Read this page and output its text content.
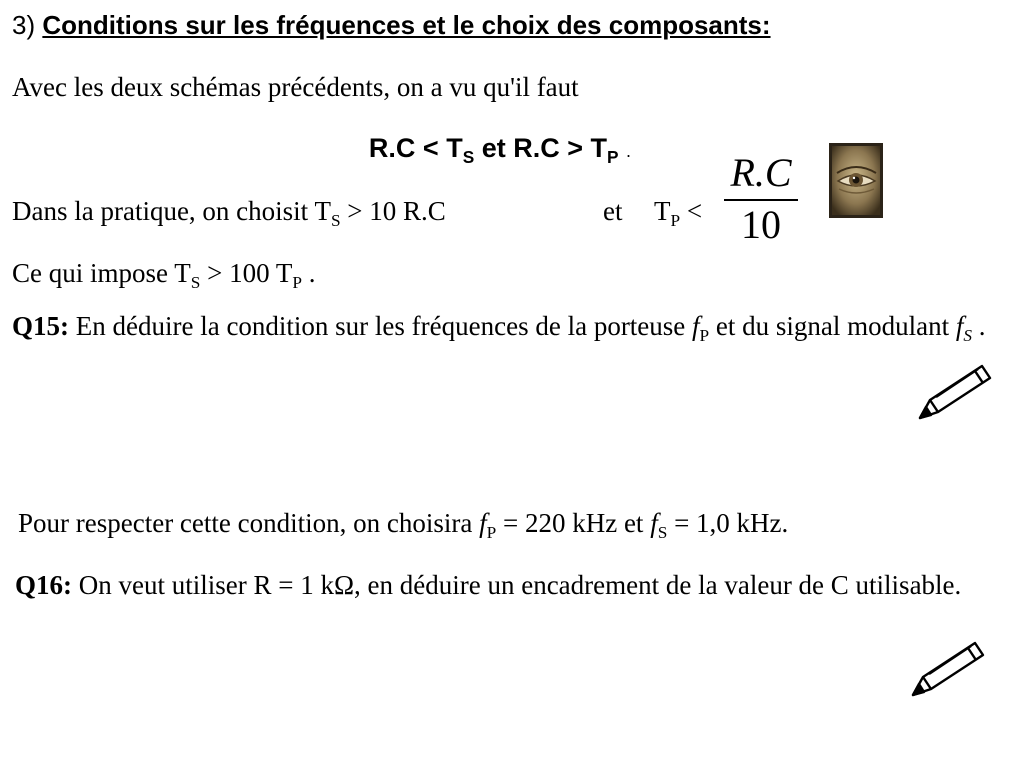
3) Conditions sur les fréquences et le choix des composants:
Avec les deux schémas précédents, on a vu qu'il faut
$R.C < T_S$ et $R.C > T_P$ .
Dans la pratique, on choisit $T_S > 10$ R.C	et $T_P$ <
R.C
10
Ce qui impose $T_S > 100$ $T_P$ .
Q15: En déduire la condition sur les fréquences de la porteuse $f_P$ et du signal modulant $f_S$ .
Pour respecter cette condition, on choisira $f_P = 220$ kHz et $f_S = 1,0$ kHz.
Q16: On veut utiliser R = 1 kΩ, en déduire un encadrement de la valeur de C utilisable.
